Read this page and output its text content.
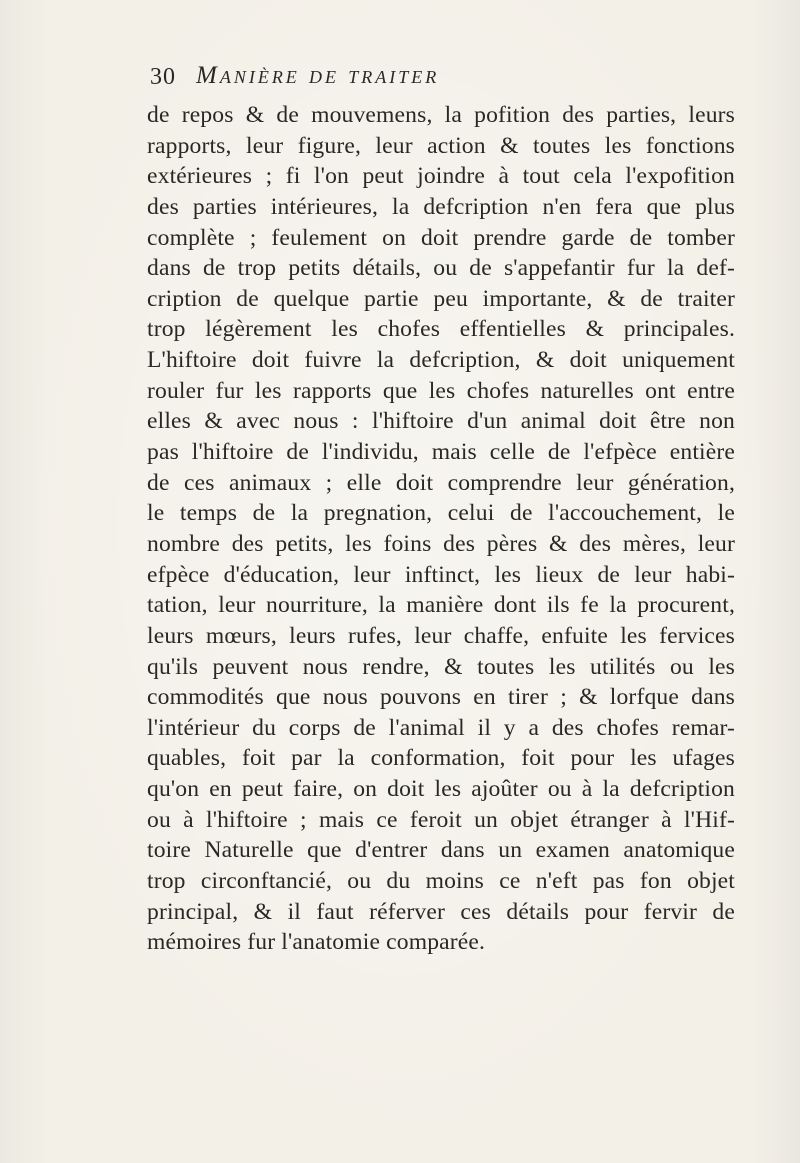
30 Manière de traiter
de repos & de mouvemens, la pofition des parties, leurs
rapports, leur figure, leur action & toutes les fonctions
extérieures ; fi l'on peut joindre à tout cela l'expofition
des parties intérieures, la defcription n'en fera que plus
complète ; feulement on doit prendre garde de tomber
dans de trop petits détails, ou de s'appefantir fur la def-
cription de quelque partie peu importante, & de traiter
trop légèrement les chofes effentielles & principales.
L'hiftoire doit fuivre la defcription, & doit uniquement
rouler fur les rapports que les chofes naturelles ont entre
elles & avec nous : l'hiftoire d'un animal doit être non
pas l'hiftoire de l'individu, mais celle de l'efpèce entière
de ces animaux ; elle doit comprendre leur génération,
le temps de la pregnation, celui de l'accouchement, le
nombre des petits, les foins des pères & des mères, leur
efpèce d'éducation, leur inftinct, les lieux de leur habi-
tation, leur nourriture, la manière dont ils fe la procurent,
leurs mœurs, leurs rufes, leur chaffe, enfuite les fervices
qu'ils peuvent nous rendre, & toutes les utilités ou les
commodités que nous pouvons en tirer ; & lorfque dans
l'intérieur du corps de l'animal il y a des chofes remar-
quables, foit par la conformation, foit pour les ufages
qu'on en peut faire, on doit les ajoûter ou à la defcription
ou à l'hiftoire ; mais ce feroit un objet étranger à l'Hif-
toire Naturelle que d'entrer dans un examen anatomique
trop circonftancié, ou du moins ce n'eft pas fon objet
principal, & il faut réferver ces détails pour fervir de
mémoires fur l'anatomie comparée.
